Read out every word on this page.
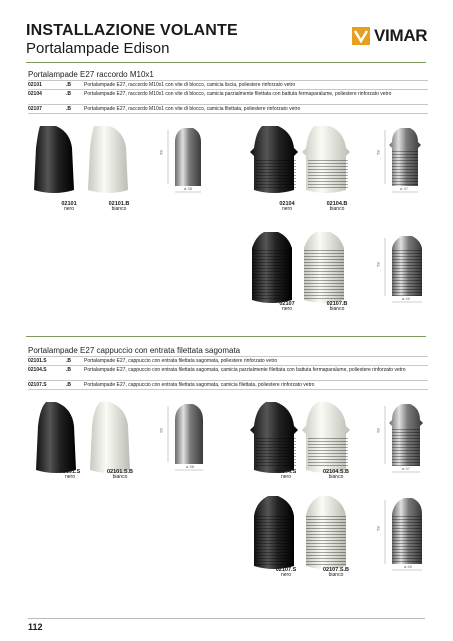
INSTALLAZIONE VOLANTE
Portalampade Edison
VIMAR
Portalampade E27 raccordo M10x1
02101	.B	Portalampade E27, raccordo M10x1 con vite di blocco, camicia liscia, poliestere rinforzato vetro
02104	.B	Portalampade E27, raccordo M10x1 con vite di blocco, camicia parzialmente filettata con battuta fermaparalume, poliestere rinforzato vetro
02107	.B	Portalampade E27, raccordo M10x1 con vite di blocco, camicia filettata, poliestere rinforzato vetro
58
ø 38
58
ø 37
58
ø 40
02101
nero
02101.B
bianco
02104
nero
02104.B
bianco
02107
nero
02107.B
bianco
Portalampade E27 cappuccio con entrata filettata sagomata
02101.S	.B	Portalampade E27, cappuccio con entrata filettata sagomata, poliestere rinforzato vetro
02104.S	.B	Portalampade E27, cappuccio con entrata filettata sagomata, camicia parzialmente filettata con battuta fermaparalume, poliestere rinforzato vetro
02107.S	.B	Portalampade E27, cappuccio con entrata filettata sagomata, camicia filettata, poliestere rinforzato vetro
58
ø 38
58
ø 37
58
ø 40
02101.S
nero
02101.S.B
bianco
02104.S
nero
02104.S.B
bianco
02107.S
nero
02107.S.B
bianco
112
